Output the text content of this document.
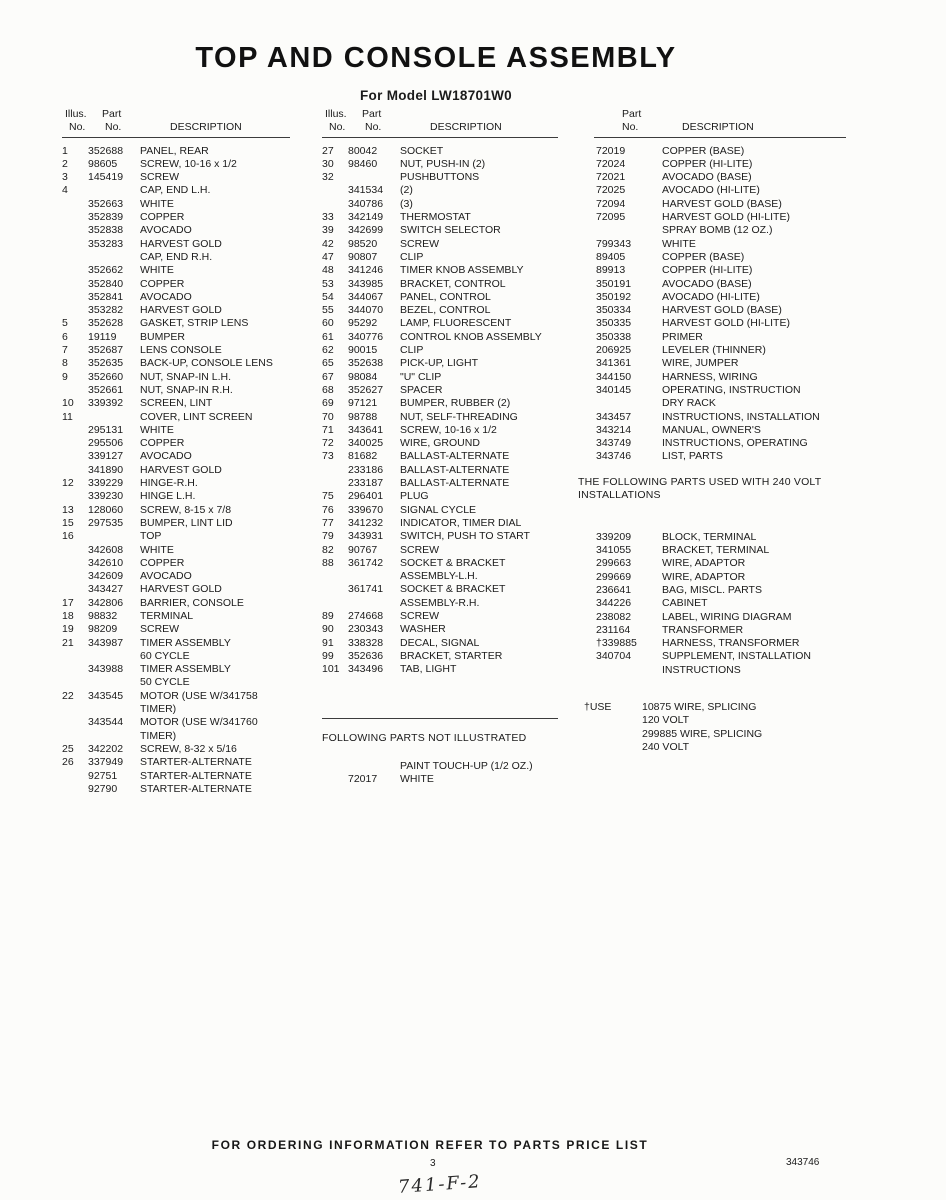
TOP AND CONSOLE ASSEMBLY
For Model LW18701W0
Illus.	Part
No.	No.	DESCRIPTION
1	352688	PANEL, REAR
2	98605	SCREW, 10-16 x 1/2
3	145419	SCREW
4	CAP, END L.H.
352663	WHITE
352839	COPPER
352838	AVOCADO
353283	HARVEST GOLD
CAP, END R.H.
352662	WHITE
352840	COPPER
352841	AVOCADO
353282	HARVEST GOLD
5	352628	GASKET, STRIP LENS
6	19119	BUMPER
7	352687	LENS CONSOLE
8	352635	BACK-UP, CONSOLE LENS
9	352660	NUT, SNAP-IN L.H.
352661	NUT, SNAP-IN R.H.
10	339392	SCREEN, LINT
11	COVER, LINT SCREEN
295131	WHITE
295506	COPPER
339127	AVOCADO
341890	HARVEST GOLD
12	339229	HINGE-R.H.
339230	HINGE L.H.
13	128060	SCREW, 8-15 x 7/8
15	297535	BUMPER, LINT LID
16	TOP
342608	WHITE
342610	COPPER
342609	AVOCADO
343427	HARVEST GOLD
17	342806	BARRIER, CONSOLE
18	98832	TERMINAL
19	98209	SCREW
21	343987	TIMER ASSEMBLY
60 CYCLE
343988	TIMER ASSEMBLY
50 CYCLE
22	343545	MOTOR (USE W/341758
TIMER)
343544	MOTOR (USE W/341760
TIMER)
25	342202	SCREW, 8-32 x 5/16
26	337949	STARTER-ALTERNATE
92751	STARTER-ALTERNATE
92790	STARTER-ALTERNATE
Illus.	Part
No.	No.	DESCRIPTION
27	80042	SOCKET
30	98460	NUT, PUSH-IN (2)
32	PUSHBUTTONS
341534	(2)
340786	(3)
33	342149	THERMOSTAT
39	342699	SWITCH SELECTOR
42	98520	SCREW
47	90807	CLIP
48	341246	TIMER KNOB ASSEMBLY
53	343985	BRACKET, CONTROL
54	344067	PANEL, CONTROL
55	344070	BEZEL, CONTROL
60	95292	LAMP, FLUORESCENT
61	340776	CONTROL KNOB ASSEMBLY
62	90015	CLIP
65	352638	PICK-UP, LIGHT
67	98084	"U" CLIP
68	352627	SPACER
69	97121	BUMPER, RUBBER (2)
70	98788	NUT, SELF-THREADING
71	343641	SCREW, 10-16 x 1/2
72	340025	WIRE, GROUND
73	81682	BALLAST-ALTERNATE
233186	BALLAST-ALTERNATE
233187	BALLAST-ALTERNATE
75	296401	PLUG
76	339670	SIGNAL CYCLE
77	341232	INDICATOR, TIMER DIAL
79	343931	SWITCH, PUSH TO START
82	90767	SCREW
88	361742	SOCKET & BRACKET
ASSEMBLY-L.H.
361741	SOCKET & BRACKET
ASSEMBLY-R.H.
89	274668	SCREW
90	230343	WASHER
91	338328	DECAL, SIGNAL
99	352636	BRACKET, STARTER
101 343496	TAB, LIGHT
FOLLOWING PARTS NOT ILLUSTRATED
PAINT TOUCH-UP (1/2 OZ.)
72017	WHITE
Part
No.	DESCRIPTION
72019	COPPER (BASE)
72024	COPPER (HI-LITE)
72021	AVOCADO (BASE)
72025	AVOCADO (HI-LITE)
72094	HARVEST GOLD (BASE)
72095	HARVEST GOLD (HI-LITE)
SPRAY BOMB (12 OZ.)
799343	WHITE
89405	COPPER (BASE)
89913	COPPER (HI-LITE)
350191	AVOCADO (BASE)
350192	AVOCADO (HI-LITE)
350334	HARVEST GOLD (BASE)
350335	HARVEST GOLD (HI-LITE)
350338	PRIMER
206925	LEVELER (THINNER)
341361	WIRE, JUMPER
344150	HARNESS, WIRING
340145	OPERATING, INSTRUCTION
DRY RACK
343457	INSTRUCTIONS, INSTALLATION
343214	MANUAL, OWNER'S
343749	INSTRUCTIONS, OPERATING
343746	LIST, PARTS
THE FOLLOWING PARTS USED WITH 240 VOLT INSTALLATIONS
339209	BLOCK, TERMINAL
341055	BRACKET, TERMINAL
299663	WIRE, ADAPTOR
299669	WIRE, ADAPTOR
236641	BAG, MISCL. PARTS
344226	CABINET
238082	LABEL, WIRING DIAGRAM
231164	TRANSFORMER
†339885	HARNESS, TRANSFORMER
340704	SUPPLEMENT, INSTALLATION
INSTRUCTIONS
†USE	10875 WIRE, SPLICING
120 VOLT
299885 WIRE, SPLICING
240 VOLT
FOR ORDERING INFORMATION REFER TO PARTS PRICE LIST
3	343746
741-F-2
